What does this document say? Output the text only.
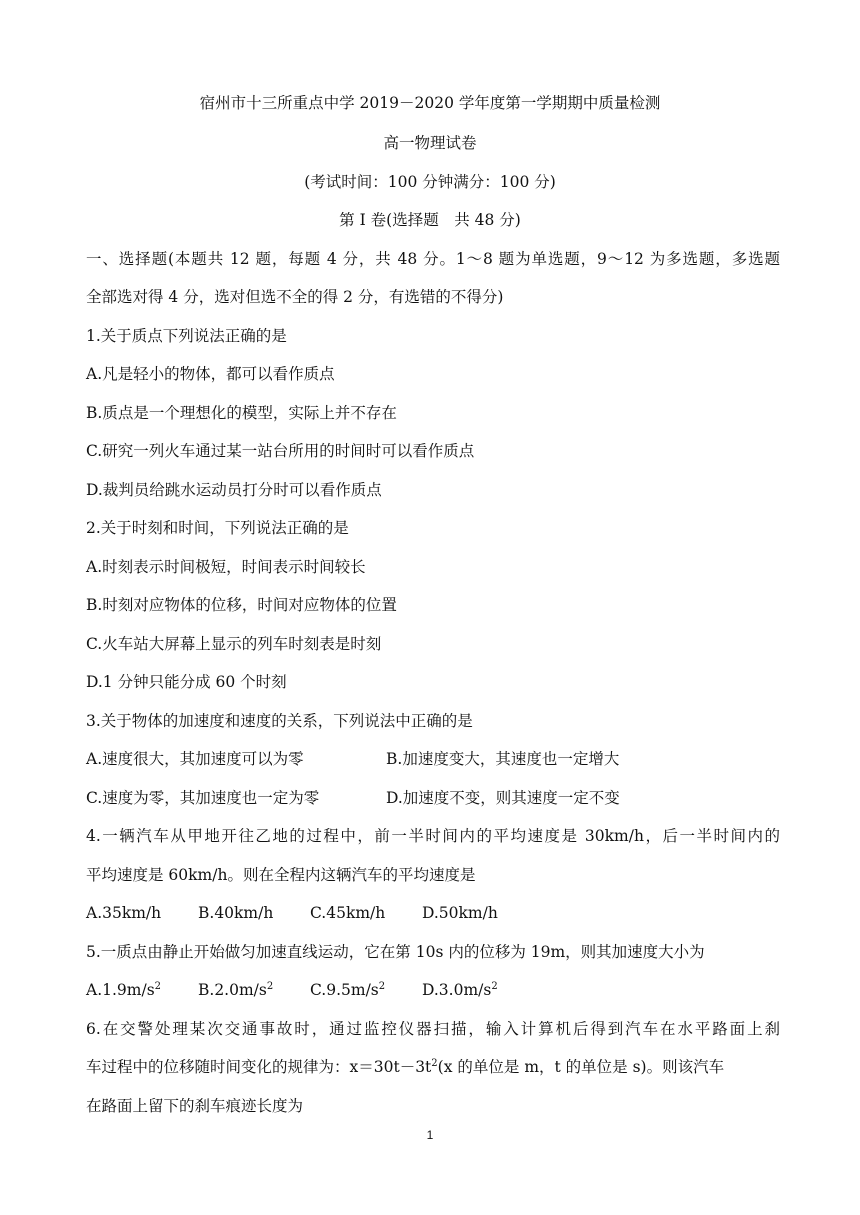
宿州市十三所重点中学 2019－2020 学年度第一学期期中质量检测
高一物理试卷
(考试时间：100 分钟满分：100 分)
第 I 卷(选择题　共 48 分)
一、选择题(本题共 12 题，每题 4 分，共 48 分。1～8 题为单选题，9～12 为多选题，多选题
全部选对得 4 分，选对但选不全的得 2 分，有选错的不得分)
1.关于质点下列说法正确的是
A.凡是轻小的物体，都可以看作质点
B.质点是一个理想化的模型，实际上并不存在
C.研究一列火车通过某一站台所用的时间时可以看作质点
D.裁判员给跳水运动员打分时可以看作质点
2.关于时刻和时间，下列说法正确的是
A.时刻表示时间极短，时间表示时间较长
B.时刻对应物体的位移，时间对应物体的位置
C.火车站大屏幕上显示的列车时刻表是时刻
D.1 分钟只能分成 60 个时刻
3.关于物体的加速度和速度的关系，下列说法中正确的是
A.速度很大，其加速度可以为零	B.加速度变大，其速度也一定增大
C.速度为零，其加速度也一定为零	D.加速度不变，则其速度一定不变
4.一辆汽车从甲地开往乙地的过程中，前一半时间内的平均速度是 30km/h，后一半时间内的
平均速度是 60km/h。则在全程内这辆汽车的平均速度是
A.35km/h B.40km/h C.45km/h D.50km/h
5.一质点由静止开始做匀加速直线运动，它在第 10s 内的位移为 19m，则其加速度大小为
$A.1.9m/s^2$ $B.2.0m/s^2$ $C.9.5m/s^2$ $D.3.0m/s^2$
6.在交警处理某次交通事故时，通过监控仪器扫描，输入计算机后得到汽车在水平路面上刹
车过程中的位移随时间变化的规律为：$x=30t-3t^2(x$ 的单位是 m，t 的单位是 s)。则该汽车
在路面上留下的刹车痕迹长度为
1
